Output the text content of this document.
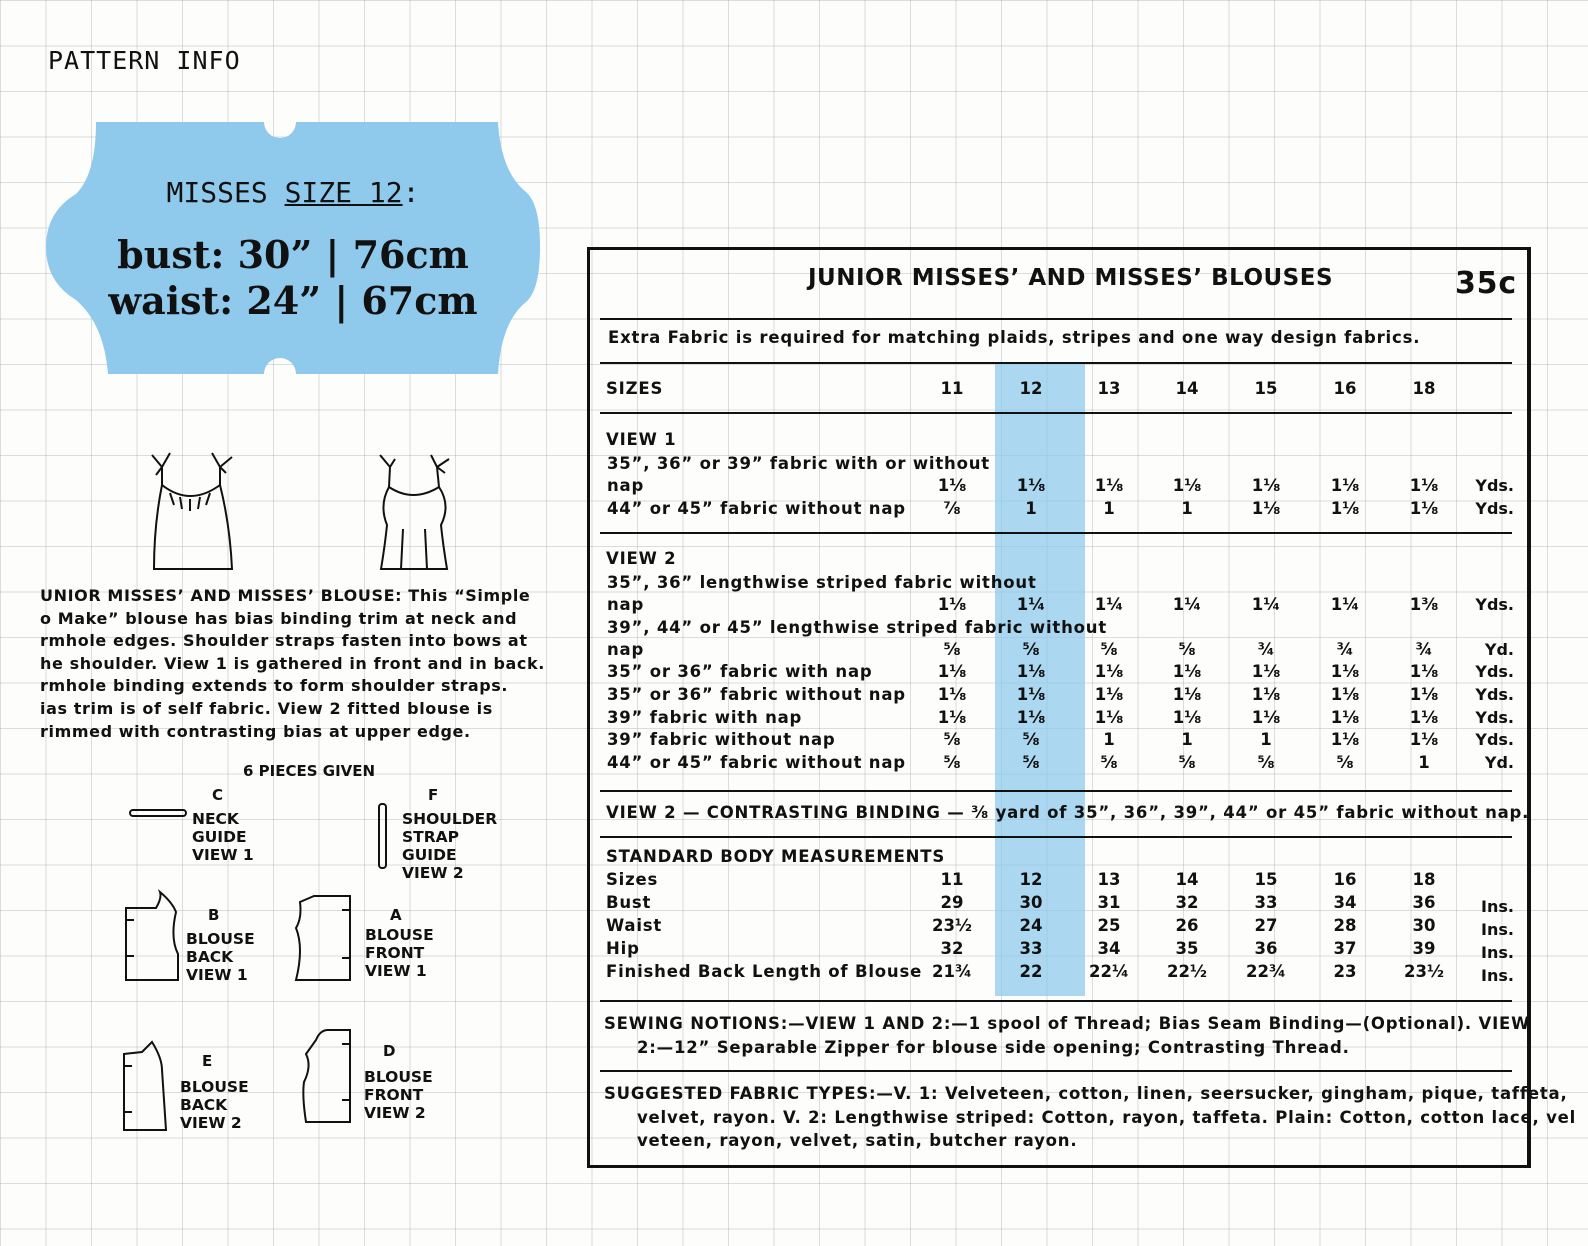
PATTERN INFO
MISSES SIZE 12:
bust: 30” | 76cm
waist: 24” | 67cm
UNIOR MISSES’ AND MISSES’ BLOUSE: This “Simple
o Make” blouse has bias binding trim at neck and
rmhole edges. Shoulder straps fasten into bows at
he shoulder. View 1 is gathered in front and in back.
rmhole binding extends to form shoulder straps.
ias trim is of self fabric. View 2 fitted blouse is
rimmed with contrasting bias at upper edge.
6 PIECES GIVEN
C
NECK
GUIDE
VIEW 1
F
SHOULDER
STRAP
GUIDE
VIEW 2
B
BLOUSE
BACK
VIEW 1
A
BLOUSE
FRONT
VIEW 1
E
BLOUSE
BACK
VIEW 2
D
BLOUSE
FRONT
VIEW 2
JUNIOR MISSES’ AND MISSES’ BLOUSES	35c
Extra Fabric is required for matching plaids, stripes and one way design fabrics.
SIZES
VIEW 1
VIEW 2
VIEW 2 — CONTRASTING BINDING — ⅜ yard of 35”, 36”, 39”, 44” or 45” fabric without nap.
STANDARD BODY MEASUREMENTS
SEWING NOTIONS:—VIEW 1 AND 2:—1 spool of Thread; Bias Seam Binding—(Optional). VIEW
2:—12” Separable Zipper for blouse side opening; Contrasting Thread.
SUGGESTED FABRIC TYPES:—V. 1: Velveteen, cotton, linen, seersucker, gingham, pique, taffeta,
velvet, rayon. V. 2: Lengthwise striped: Cotton, rayon, taffeta. Plain: Cotton, cotton lace, vel
veteen, rayon, velvet, satin, butcher rayon.
11	12	13	14	15	16	18
35”, 36” or 39” fabric with or without
nap	1⅛	1⅛	1⅛	1⅛	1⅛	1⅛	1⅛	Yds.
44” or 45” fabric without nap	⅞	1	1	1	1⅛	1⅛	1⅛	Yds.
35”, 36” lengthwise striped fabric without
nap	1⅛	1¼	1¼	1¼	1¼	1¼	1⅜	Yds.
39”, 44” or 45” lengthwise striped fabric without
nap	⅝	⅝	⅝	⅝	¾	¾	¾	Yd.
35” or 36” fabric with nap	1⅛	1⅛	1⅛	1⅛	1⅛	1⅛	1⅛	Yds.
35” or 36” fabric without nap	1⅛	1⅛	1⅛	1⅛	1⅛	1⅛	1⅛	Yds.
39” fabric with nap	1⅛	1⅛	1⅛	1⅛	1⅛	1⅛	1⅛	Yds.
39” fabric without nap	⅝	⅝	1	1	1	1⅛	1⅛	Yds.
44” or 45” fabric without nap	⅝	⅝	⅝	⅝	⅝	⅝	1	Yd.
Sizes	11	12	13	14	15	16	18
Bust	29	30	31	32	33	34	36	Ins.
Waist	23½	24	25	26	27	28	30	Ins.
Hip	32	33	34	35	36	37	39	Ins.
Finished Back Length of Blouse 21¾	22	22¼	22½	22¾	23	23½	Ins.
